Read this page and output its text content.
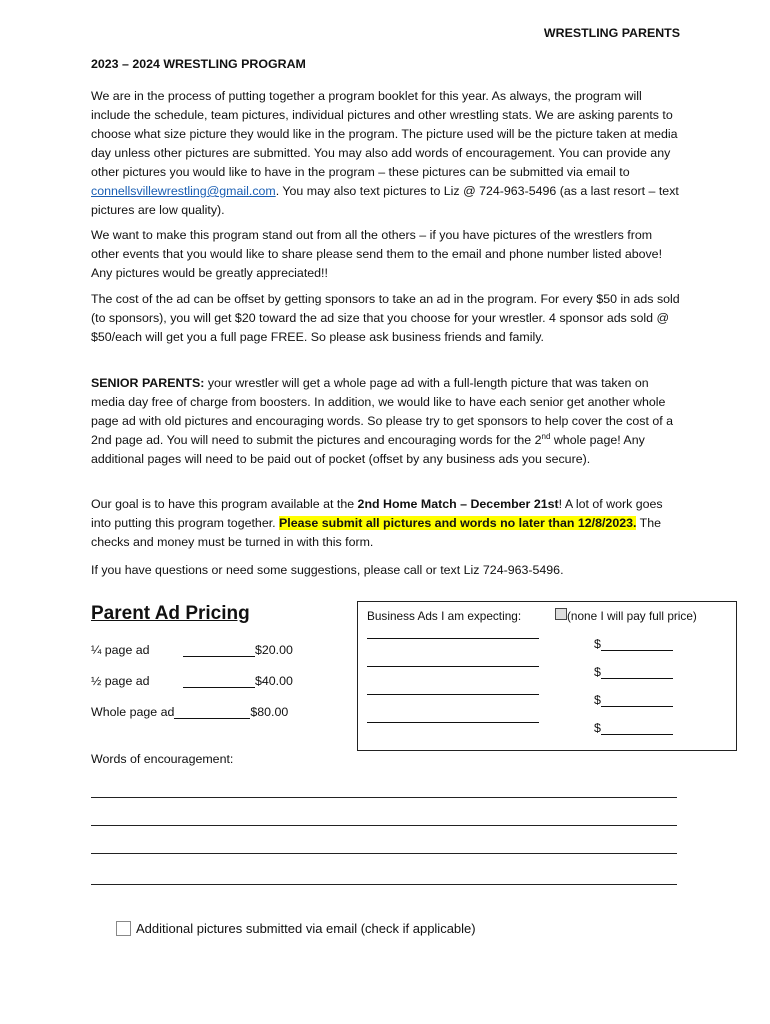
WRESTLING PARENTS
2023 – 2024 WRESTLING PROGRAM

We are in the process of putting together a program booklet for this year. As always, the program will include the schedule, team pictures, individual pictures and other wrestling stats. We are asking parents to choose what size picture they would like in the program. The picture used will be the picture taken at media day unless other pictures are submitted. You may also add words of encouragement. You can provide any other pictures you would like to have in the program – these pictures can be submitted via email to connellsvillewrestling@gmail.com. You may also text pictures to Liz @ 724-963-5496 (as a last resort – text pictures are low quality).

We want to make this program stand out from all the others – if you have pictures of the wrestlers from other events that you would like to share please send them to the email and phone number listed above! Any pictures would be greatly appreciated!!

The cost of the ad can be offset by getting sponsors to take an ad in the program. For every $50 in ads sold (to sponsors), you will get $20 toward the ad size that you choose for your wrestler. 4 sponsor ads sold @ $50/each will get you a full page FREE. So please ask business friends and family.

SENIOR PARENTS: your wrestler will get a whole page ad with a full-length picture that was taken on media day free of charge from boosters. In addition, we would like to have each senior get another whole page ad with old pictures and encouraging words. So please try to get sponsors to help cover the cost of a 2nd page ad. You will need to submit the pictures and encouraging words for the 2nd whole page! Any additional pages will need to be paid out of pocket (offset by any business ads you secure).

Our goal is to have this program available at the 2nd Home Match – December 21st! A lot of work goes into putting this program together. Please submit all pictures and words no later than 12/8/2023. The checks and money must be turned in with this form.

If you have questions or need some suggestions, please call or text Liz 724-963-5496.

Parent Ad Pricing
¼ page ad	$20.00
½ page ad	$40.00
Whole page ad	$80.00
Business Ads I am expecting:	(none I will pay full price)
$
$
$
$
Words of encouragement:
Additional pictures submitted via email (check if applicable)
